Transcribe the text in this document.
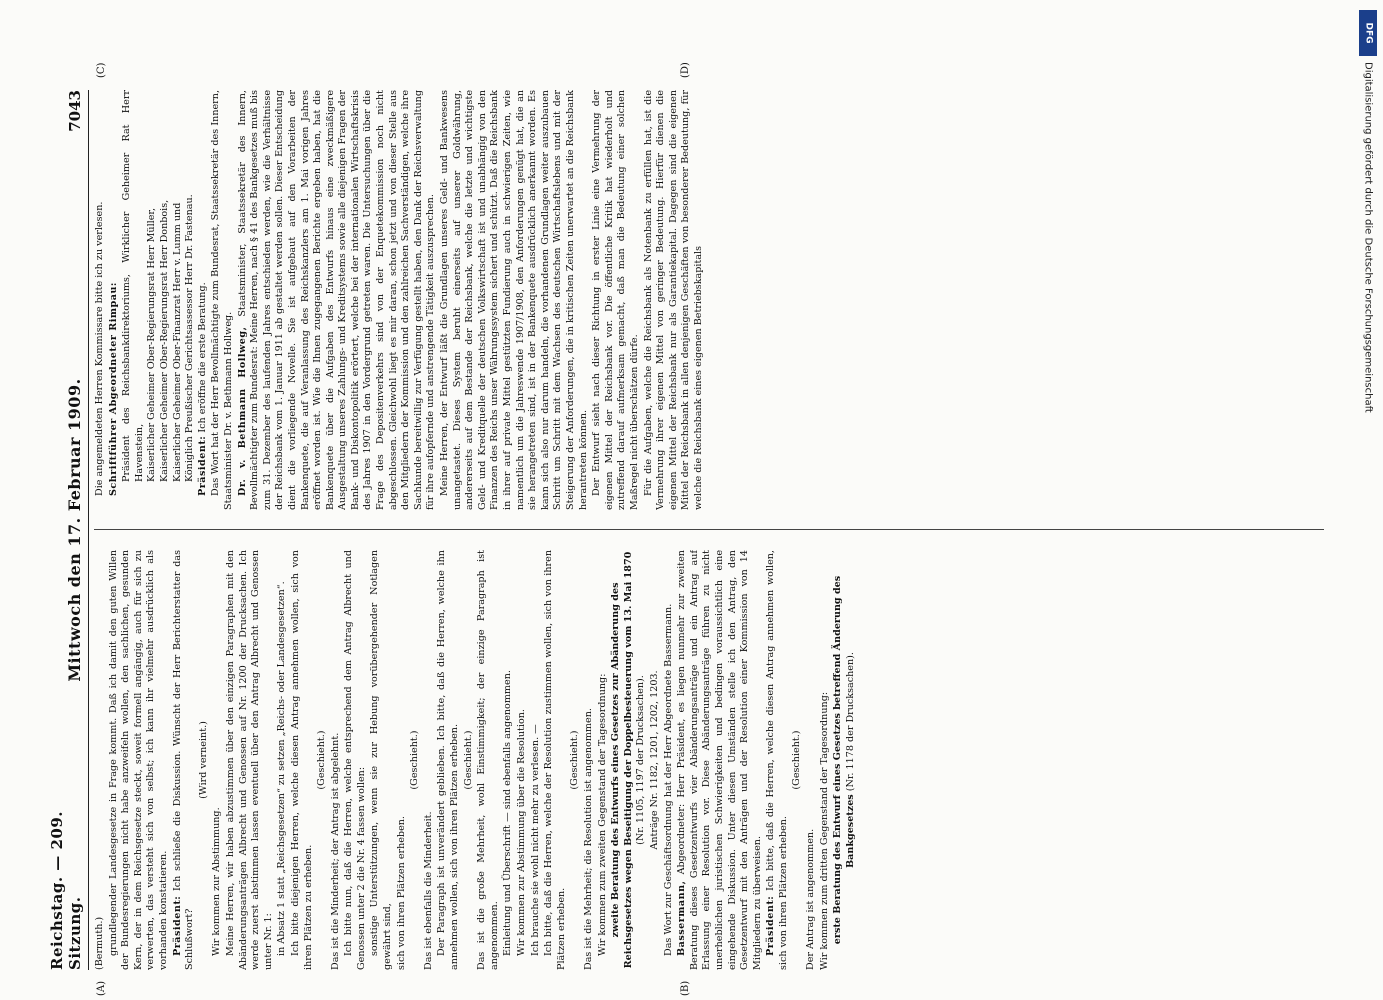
Reichstag. — 209. Sitzung.
Mittwoch den 17. Februar 1909.
7043
(A)	(B)
(C)	(D)

(Bermuth.) grundlegender Landesgesetze in Frage kommt. Daß ich damit den guten Willen der Bundesregierungen nicht habe anzweifeln wollen, den sachlichen, gesunden Kern, der in dem Reichsgesetze steckt, soweit formell angängig, auch für sich zu verwerten, das versteht sich von selbst; ich kann ihr vielmehr ausdrücklich als vorhanden konstatieren. Präsident: Ich schließe die Diskussion. Wünscht der Herr Berichterstatter das Schlußwort?

(Wird verneint.)

Wir kommen zur Abstimmung. Meine Herren, wir haben abzustimmen über den einzigen Paragraphen mit den Abänderungsanträgen Albrecht und Genossen auf Nr. 1200 der Drucksachen. Ich werde zuerst abstimmen lassen eventuell über den Antrag Albrecht und Genossen unter Nr. 1: in Absatz 1 statt „Reichsgesetzen“ zu setzen „Reichs- oder Landesgesetzen“. Ich bitte diejenigen Herren, welche diesen Antrag annehmen wollen, sich von ihren Plätzen zu erheben.

(Geschieht.) Das ist die Minderheit; der Antrag ist abgelehnt. Ich bitte nun, daß die Herren, welche entsprechend dem Antrag Albrecht und Genossen unter 2 die Nr. 4 fassen wollen: sonstige Unterstützungen, wenn sie zur Hebung vorübergehender Notlagen gewährt sind, sich von ihren Plätzen erheben.

(Geschieht.)

Das ist ebenfalls die Minderheit. Der Paragraph ist unverändert geblieben. Ich bitte, daß die Herren, welche ihn annehmen wollen, sich von ihren Plätzen erheben. (Geschieht.) Das ist die große Mehrheit, wohl Einstimmigkeit; der einzige Paragraph ist angenommen. Einleitung und Überschrift — sind ebenfalls angenommen. Wir kommen zur Abstimmung über die Resolution. Ich brauche sie wohl nicht mehr zu verlesen. — Ich bitte, daß die Herren, welche der Resolution zustimmen wollen, sich von ihren Plätzen erheben.

(Geschieht.) Das ist die Mehrheit; die Resolution ist angenommen. Wir kommen zum zweiten Gegenstand der Tagesordnung: zweite Beratung des Entwurfs eines Gesetzes zur Abänderung des Reichsgesetzes wegen Beseitigung der Doppelbesteuerung vom 13. Mai 1870 (Nr. 1105, 1197 der Drucksachen). Anträge Nr. 1182, 1201, 1202, 1203. Das Wort zur Geschäftsordnung hat der Herr Abgeordnete Bassermann. Bassermann, Abgeordneter: Herr Präsident, es liegen nunmehr zur zweiten Beratung dieses Gesetzentwurfs vier Abänderungsanträge und ein Antrag auf Erlassung einer Resolution vor. Diese Abänderungsanträge führen zu nicht unerheblichen juristischen Schwierigkeiten und bedingen voraussichtlich eine eingehende Diskussion. Unter diesen Umständen stelle ich den Antrag, den Gesetzentwurf mit den Anträgen und der Resolution einer Kommission von 14 Mitgliedern zu überweisen. Präsident: Ich bitte, daß die Herren, welche diesen Antrag annehmen wollen, sich von ihren Plätzen erheben.

(Geschieht.)

Der Antrag ist angenommen. Wir kommen zum dritten Gegenstand der Tagesordnung: erste Beratung des Entwurf eines Gesetzes betreffend Änderung des Bankgesetzes (Nr. 1178 der Drucksachen).

Die angemeldeten Herren Kommissare bitte ich zu verlesen. Schriftführer Abgeordneter Rimpau: Präsident des Reichsbankdirektoriums, Wirklicher Geheimer Rat Herr Havenstein, Kaiserlicher Geheimer Ober-Regierungsrat Herr Müller, Kaiserlicher Geheimer Ober-Regierungsrat Herr Donbois, Kaiserlicher Geheimer Ober-Finanzrat Herr v. Lumm und Königlich Preußischer Gerichtsassessor Herr Dr. Fastenau. Präsident: Ich eröffne die erste Beratung. Das Wort hat der Herr Bevollmächtigte zum Bundesrat, Staatssekretär des Innern, Staatsminister Dr. v. Bethmann Hollweg. Dr. v. Bethmann Hollweg, Staatsminister, Staatssekretär des Innern, Bevollmächtigter zum Bundesrat: Meine Herren, nach § 41 des Bankgesetzes muß bis zum 31. Dezember des laufenden Jahres entschieden werden, wie die Verhältnisse der Reichsbank vom 1. Januar 1911 ab gestaltet werden sollen. Dieser Entscheidung dient die vorliegende Novelle. Sie ist aufgebaut auf den Vorarbeiten der Bankenquete, die auf Veranlassung des Reichskanzlers am 1. Mai vorigen Jahres eröffnet worden ist. Wie die Ihnen zugegangenen Berichte ergeben haben, hat die Bankenquete über die Aufgaben des Entwurfs hinaus eine zweckmäßigere Ausgestaltung unseres Zahlungs- und Kreditsystems sowie alle diejenigen Fragen der Bank- und Diskontopolitik erörtert, welche bei der internationalen Wirtschaftskrisis des Jahres 1907 in den Vordergrund getreten waren. Die Untersuchungen über die Frage des Depositenverkehrs sind von der Enquetekommission noch nicht abgeschlossen. Gleichwohl liegt es mir daran, schon jetzt und von dieser Stelle aus den Mitgliedern der Kommission und den zahlreichen Sachverständigen, welche ihre Sachkunde bereitwillig zur Verfügung gestellt haben, den Dank der Reichsverwaltung für ihre aufopfernde und anstrengende Tätigkeit auszusprechen. Meine Herren, der Entwurf läßt die Grundlagen unseres Geld- und Bankwesens unangetastet. Dieses System beruht einerseits auf unserer Goldwährung, andererseits auf dem Bestande der Reichsbank, welche die letzte und wichtigste Geld- und Kreditquelle der deutschen Volkswirtschaft ist und unabhängig von den Finanzen des Reichs unser Währungssystem sichert und schützt. Daß die Reichsbank in ihrer auf private Mittel gestützten Fundierung auch in schwierigen Zeiten, wie namentlich um die Jahreswende 1907/1908, den Anforderungen genügt hat, die an sie herangetreten sind, ist in der Bankenquete ausdrücklich anerkannt worden. Es kann sich also nur darum handeln, die vorhandenen Grundlagen weiter auszubauen Schritt um Schritt mit dem Wachsen des deutschen Wirtschaftslebens und mit der Steigerung der Anforderungen, die in kritischen Zeiten unerwartet an die Reichsbank herantreten können. Der Entwurf sieht nach dieser Richtung in erster Linie eine Vermehrung der eigenen Mittel der Reichsbank vor. Die öffentliche Kritik hat wiederholt und zutreffend darauf aufmerksam gemacht, daß man die Bedeutung einer solchen Maßregel nicht überschätzen dürfe. Für die Aufgaben, welche die Reichsbank als Notenbank zu erfüllen hat, ist die Vermehrung ihrer eigenen Mittel von geringer Bedeutung. Hierfür dienen die eigenen Mittel der Reichsbank nur als Garantiekapital. Dagegen sind die eigenen Mittel der Reichsbank in allen denjenigen Geschäften von besonderer Bedeutung, für welche die Reichsbank eines eigenen Betriebskapitals

DFG
Digitalisierung gefördert durch die Deutsche Forschungsgemeinschaft
